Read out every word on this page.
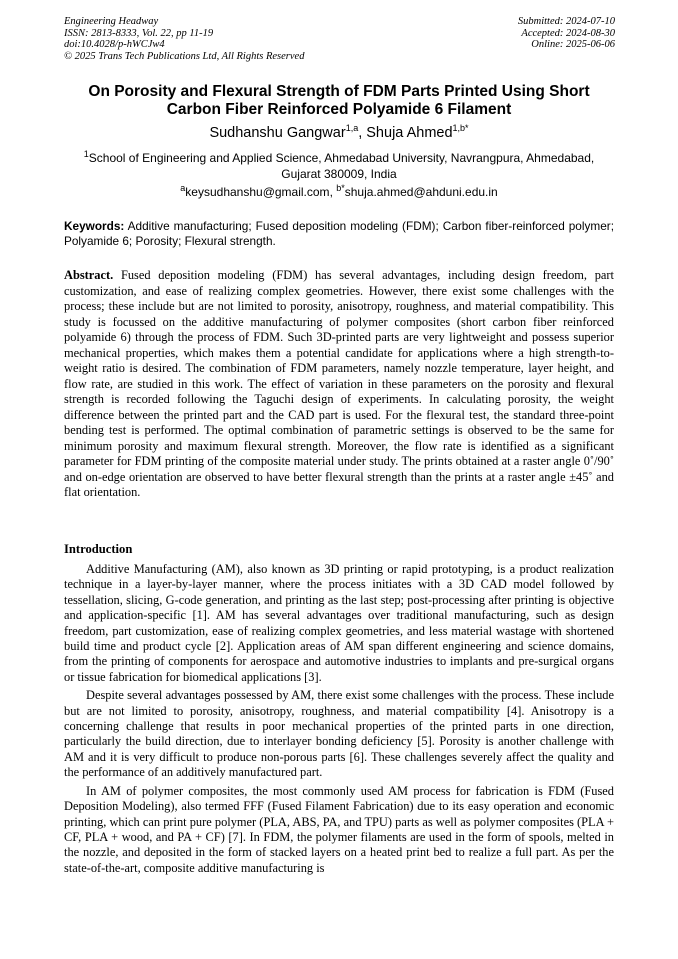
Engineering Headway
ISSN: 2813-8333, Vol. 22, pp 11-19
doi:10.4028/p-hWCJw4
© 2025 Trans Tech Publications Ltd, All Rights Reserved
Submitted: 2024-07-10
Accepted: 2024-08-30
Online: 2025-06-06
On Porosity and Flexural Strength of FDM Parts Printed Using Short Carbon Fiber Reinforced Polyamide 6 Filament
Sudhanshu Gangwar$^{1,a}$, Shuja Ahmed$^{1,b*}$
$^1$School of Engineering and Applied Science, Ahmedabad University, Navrangpura, Ahmedabad, Gujarat 380009, India
$^a$keysudhanshu@gmail.com, $^{b*}$shuja.ahmed@ahduni.edu.in
Keywords: Additive manufacturing; Fused deposition modeling (FDM); Carbon fiber-reinforced polymer; Polyamide 6; Porosity; Flexural strength.
Abstract. Fused deposition modeling (FDM) has several advantages, including design freedom, part customization, and ease of realizing complex geometries. However, there exist some challenges with the process; these include but are not limited to porosity, anisotropy, roughness, and material compatibility. This study is focussed on the additive manufacturing of polymer composites (short carbon fiber reinforced polyamide 6) through the process of FDM. Such 3D-printed parts are very lightweight and possess superior mechanical properties, which makes them a potential candidate for applications where a high strength-to-weight ratio is desired. The combination of FDM parameters, namely nozzle temperature, layer height, and flow rate, are studied in this work. The effect of variation in these parameters on the porosity and flexural strength is recorded following the Taguchi design of experiments. In calculating porosity, the weight difference between the printed part and the CAD part is used. For the flexural test, the standard three-point bending test is performed. The optimal combination of parametric settings is observed to be the same for minimum porosity and maximum flexural strength. Moreover, the flow rate is identified as a significant parameter for FDM printing of the composite material under study. The prints obtained at a raster angle 0˚/90˚ and on-edge orientation are observed to have better flexural strength than the prints at a raster angle ±45˚ and flat orientation.
Introduction

Additive Manufacturing (AM), also known as 3D printing or rapid prototyping, is a product realization technique in a layer-by-layer manner, where the process initiates with a 3D CAD model followed by tessellation, slicing, G-code generation, and printing as the last step; post-processing after printing is objective and application-specific [1]. AM has several advantages over traditional manufacturing, such as design freedom, part customization, ease of realizing complex geometries, and less material wastage with shortened build time and product cycle [2]. Application areas of AM span different engineering and science domains, from the printing of components for aerospace and automotive industries to implants and pre-surgical organs or tissue fabrication for biomedical applications [3].

Despite several advantages possessed by AM, there exist some challenges with the process. These include but are not limited to porosity, anisotropy, roughness, and material compatibility [4]. Anisotropy is a concerning challenge that results in poor mechanical properties of the printed parts in one direction, particularly the build direction, due to interlayer bonding deficiency [5]. Porosity is another challenge with AM and it is very difficult to produce non-porous parts [6]. These challenges severely affect the quality and the performance of an additively manufactured part.

In AM of polymer composites, the most commonly used AM process for fabrication is FDM (Fused Deposition Modeling), also termed FFF (Fused Filament Fabrication) due to its easy operation and economic printing, which can print pure polymer (PLA, ABS, PA, and TPU) parts as well as polymer composites (PLA + CF, PLA + wood, and PA + CF) [7]. In FDM, the polymer filaments are used in the form of spools, melted in the nozzle, and deposited in the form of stacked layers on a heated print bed to realize a full part. As per the state-of-the-art, composite additive manufacturing is
